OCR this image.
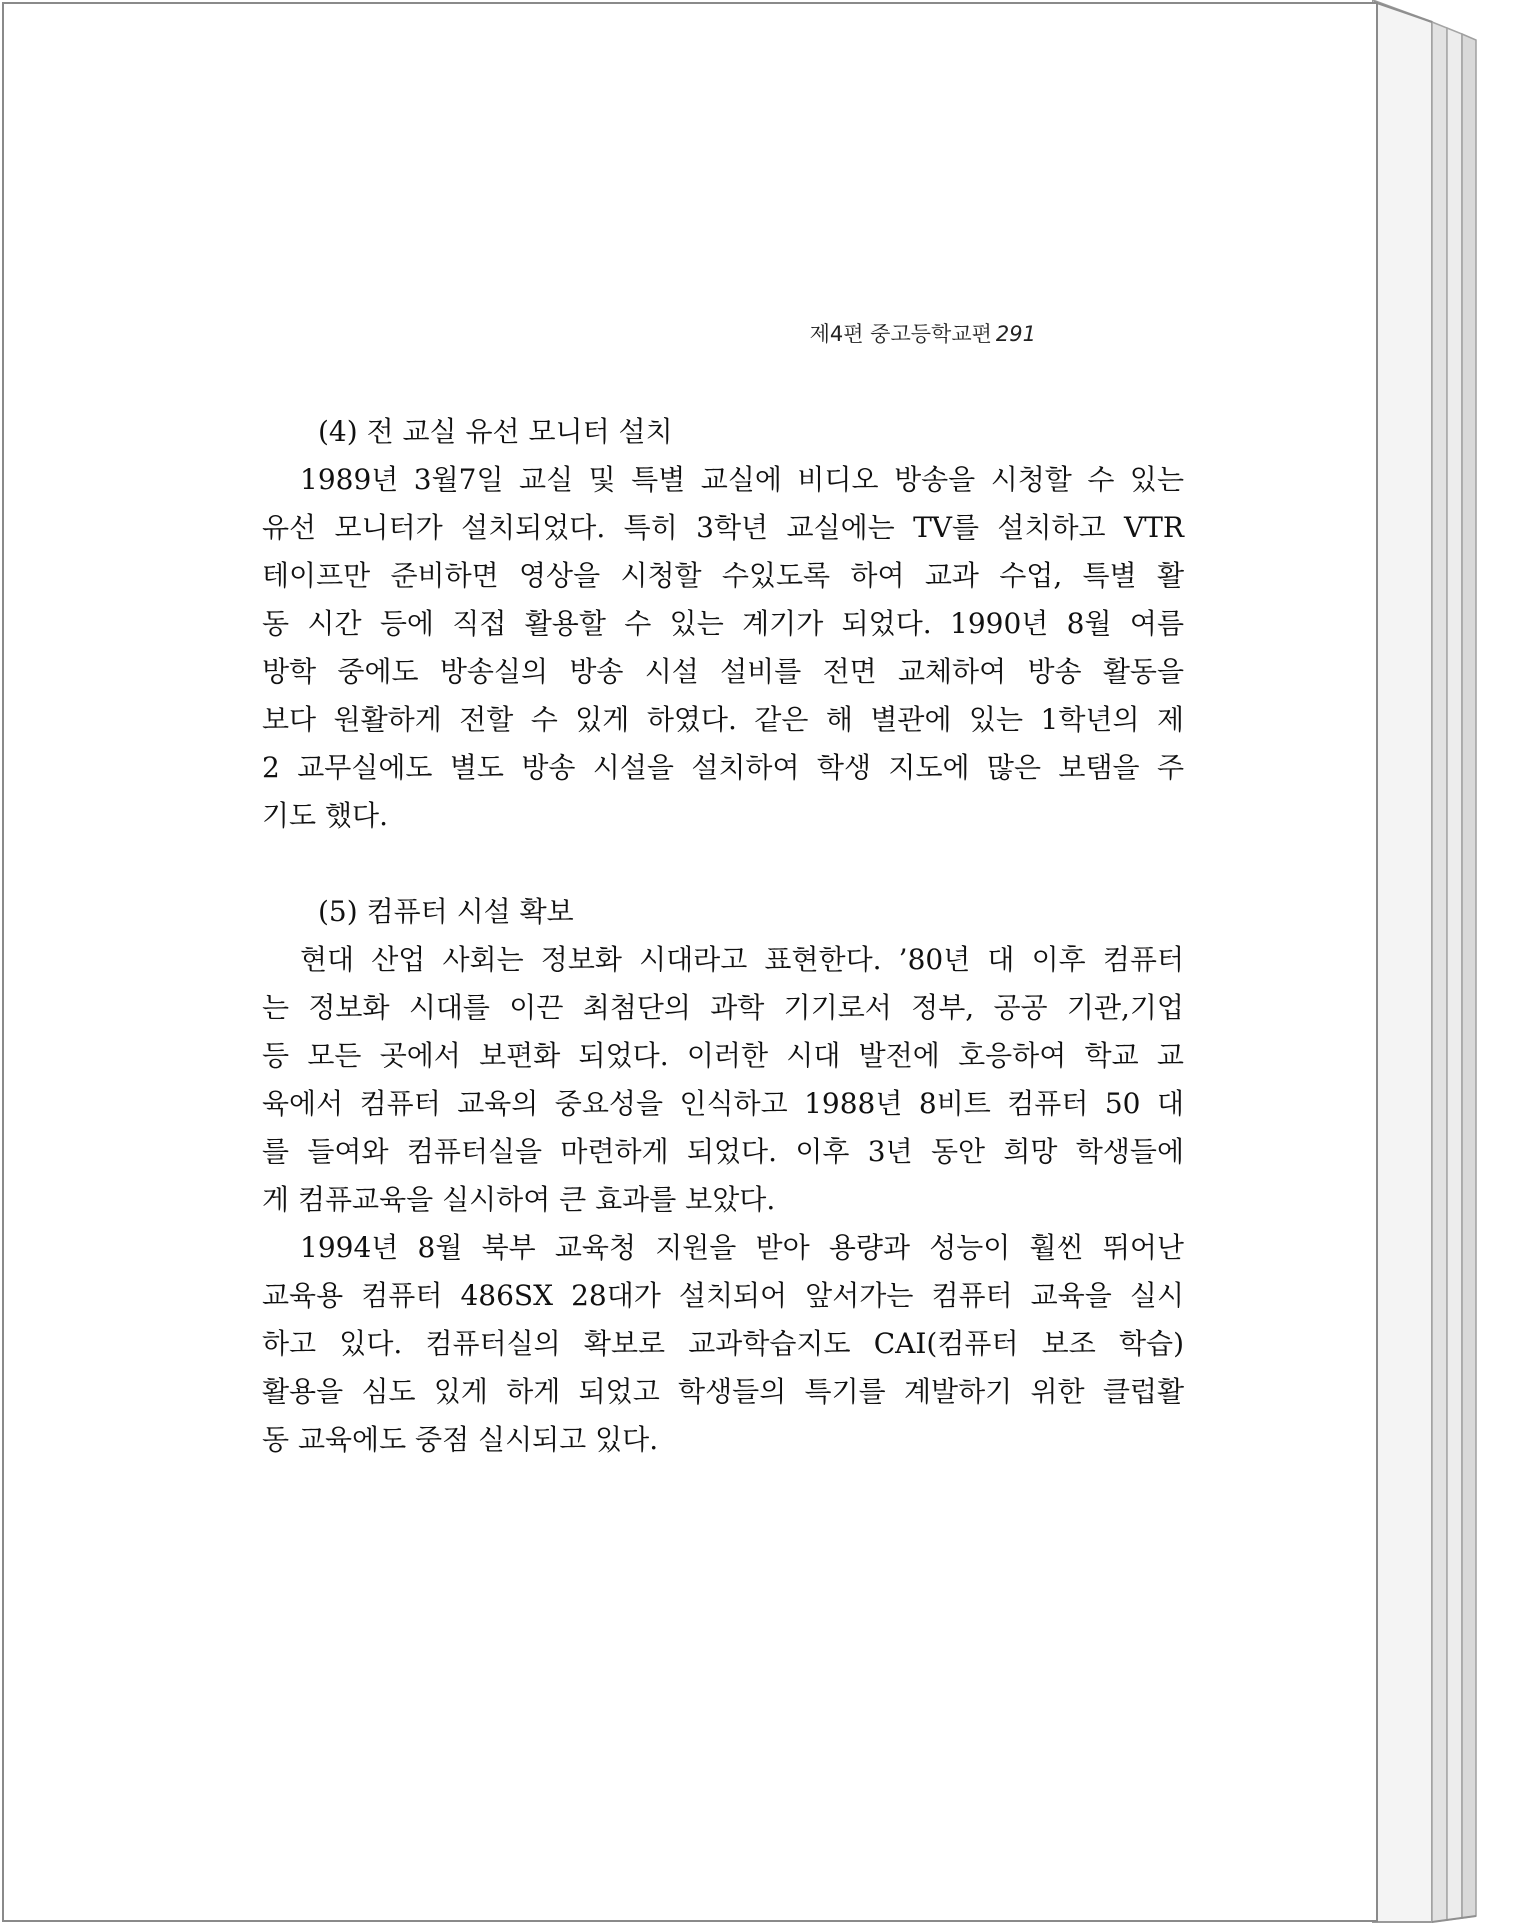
제4편 중고등학교편 291
(4) 전 교실 유선 모니터 설치
1989년 3월7일 교실 및 특별 교실에 비디오 방송을 시청할 수 있는
유선 모니터가 설치되었다. 특히 3학년 교실에는 TV를 설치하고 VTR
테이프만 준비하면 영상을 시청할 수있도록 하여 교과 수업, 특별 활
동 시간 등에 직접 활용할 수 있는 계기가 되었다. 1990년 8월 여름
방학 중에도 방송실의 방송 시설 설비를 전면 교체하여 방송 활동을
보다 원활하게 전할 수 있게 하였다. 같은 해 별관에 있는 1학년의 제
2 교무실에도 별도 방송 시설을 설치하여 학생 지도에 많은 보탬을 주
기도 했다.
(5) 컴퓨터 시설 확보
현대 산업 사회는 정보화 시대라고 표현한다. ’80년 대 이후 컴퓨터
는 정보화 시대를 이끈 최첨단의 과학 기기로서 정부, 공공 기관,기업
등 모든 곳에서 보편화 되었다. 이러한 시대 발전에 호응하여 학교 교
육에서 컴퓨터 교육의 중요성을 인식하고 1988년 8비트 컴퓨터 50 대
를 들여와 컴퓨터실을 마련하게 되었다. 이후 3년 동안 희망 학생들에
게 컴퓨교육을 실시하여 큰 효과를 보았다.
1994년 8월 북부 교육청 지원을 받아 용량과 성능이 훨씬 뛰어난
교육용 컴퓨터 486SX 28대가 설치되어 앞서가는 컴퓨터 교육을 실시
하고 있다. 컴퓨터실의 확보로 교과학습지도 CAI(컴퓨터 보조 학습)
활용을 심도 있게 하게 되었고 학생들의 특기를 계발하기 위한 클럽활
동 교육에도 중점 실시되고 있다.
